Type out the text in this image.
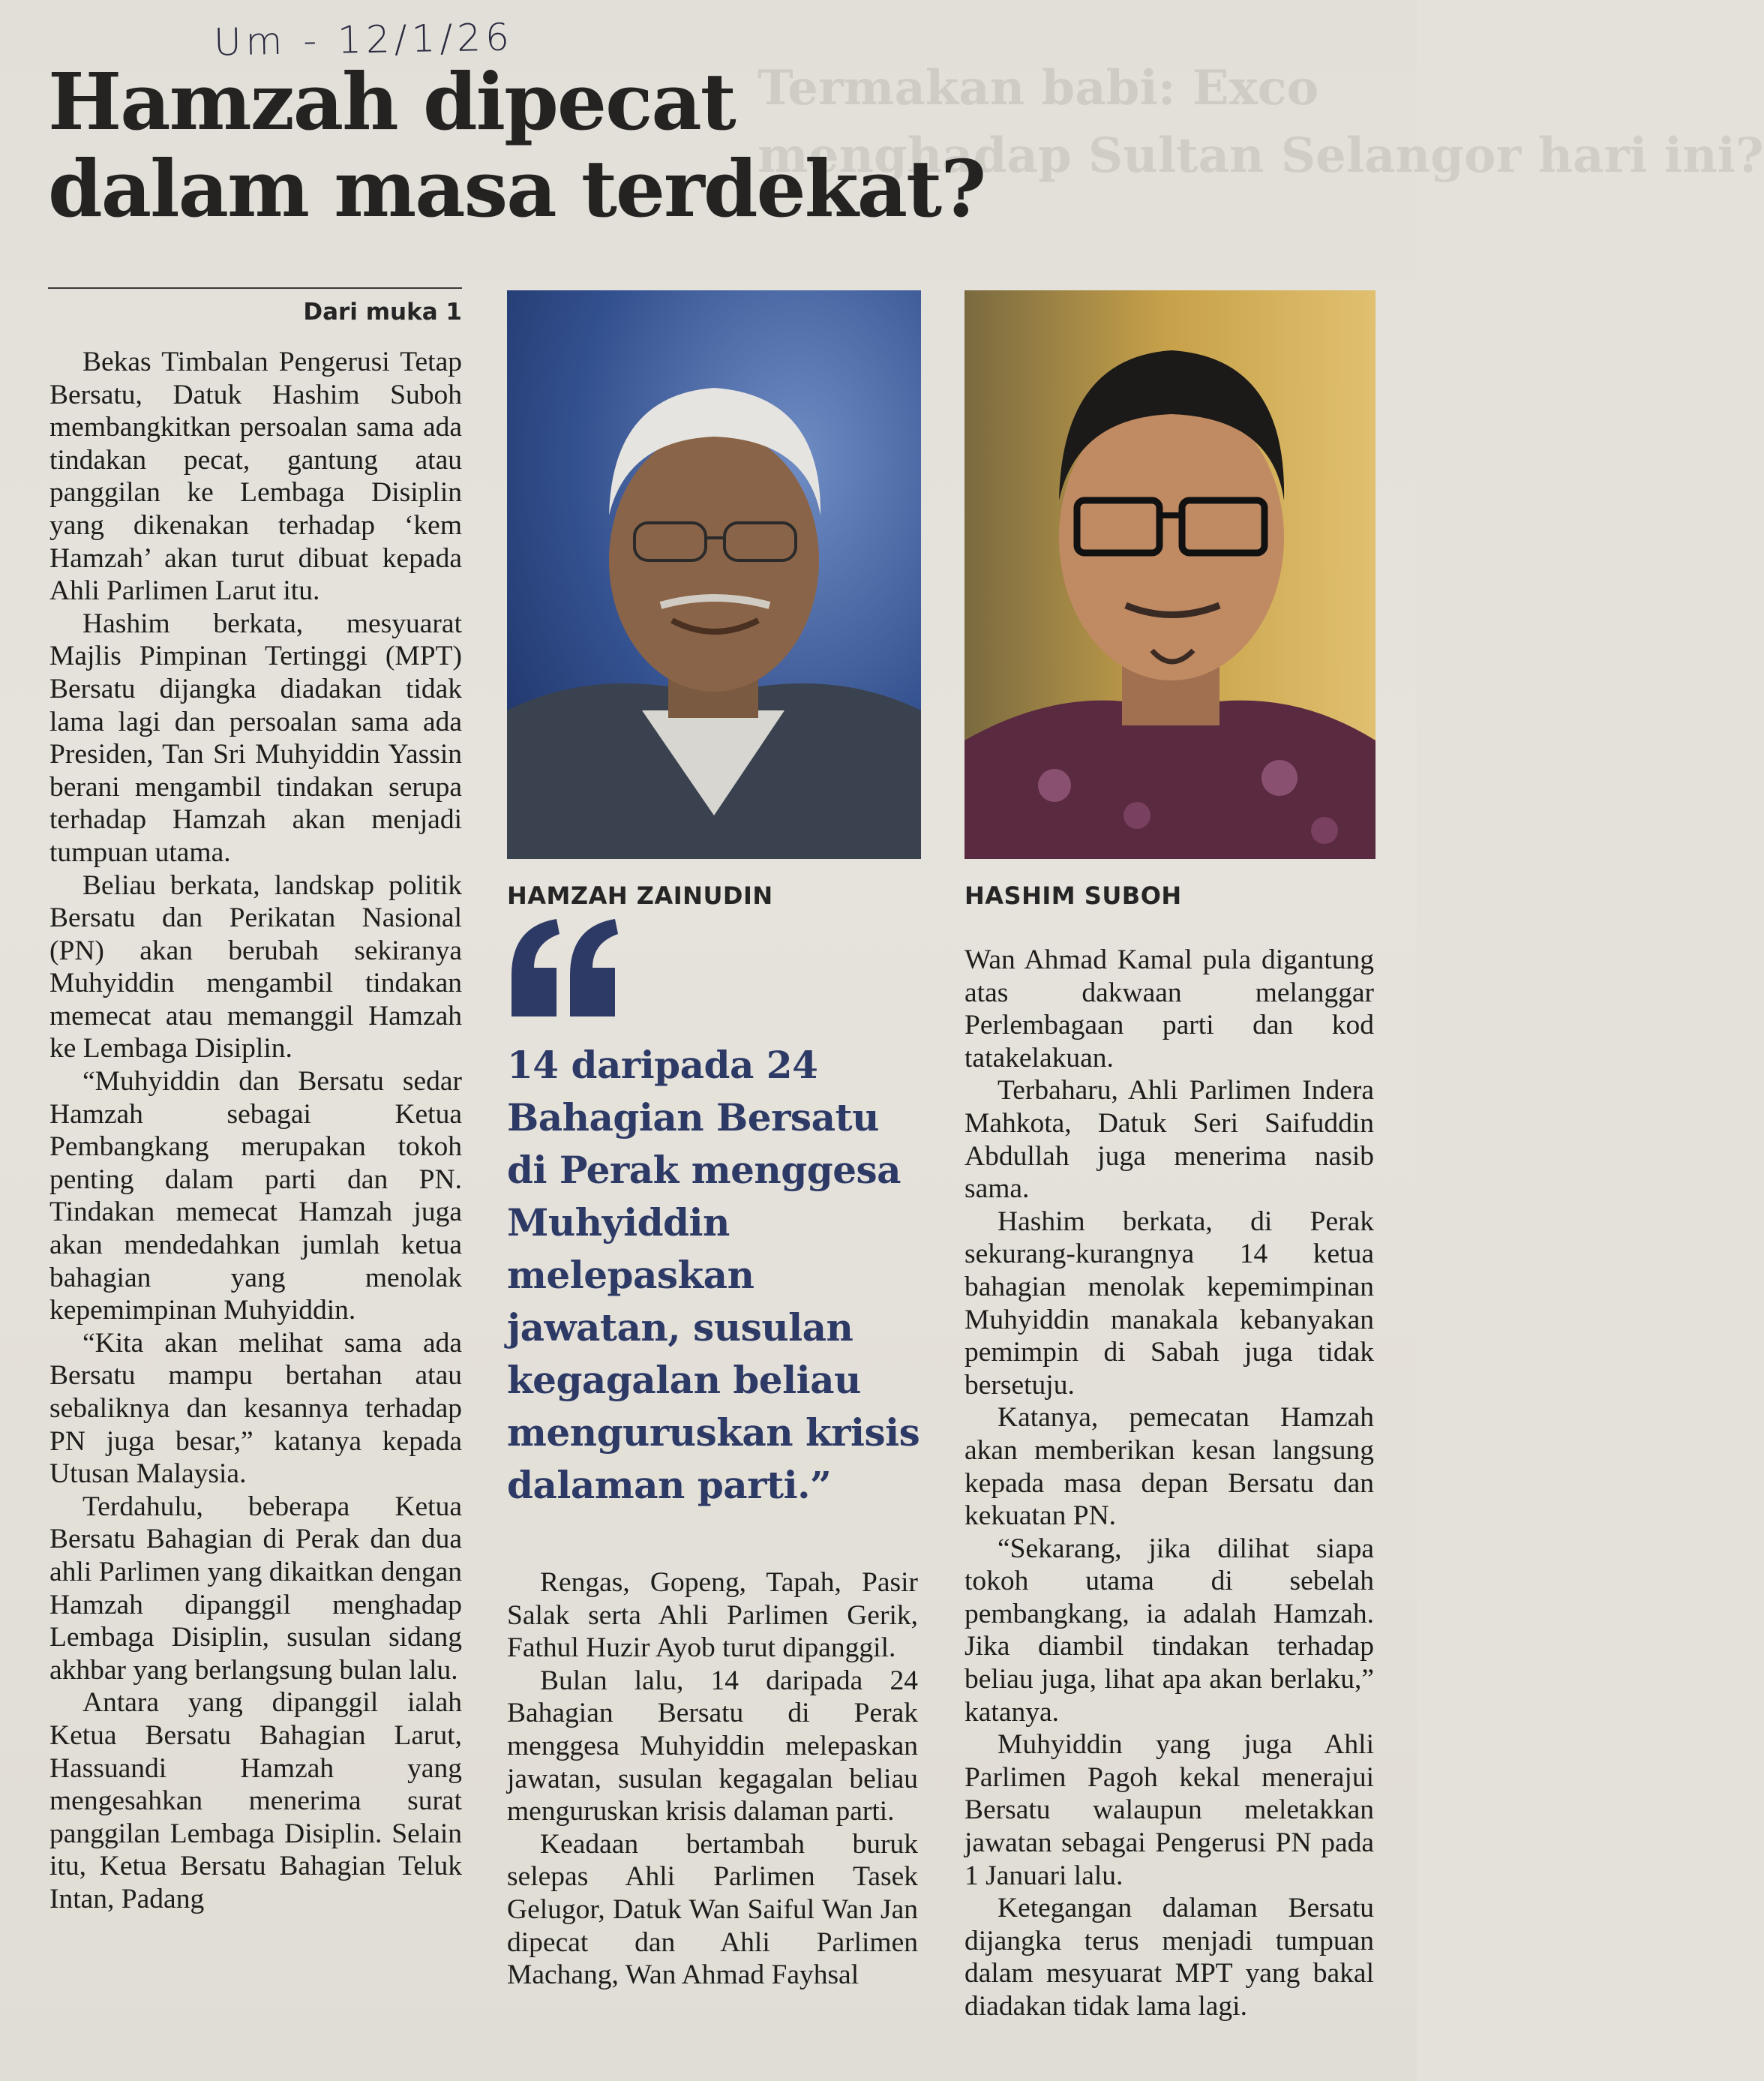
Termakan babi: Exco
menghadap Sultan Selangor hari ini?
Um - 12/1/26
Hamzah dipecat
dalam masa terdekat?
Dari muka 1

Bekas Timbalan Pengerusi Tetap Bersatu, Datuk Hashim Suboh membangkitkan persoalan sama ada tindakan pecat, gantung atau panggilan ke Lembaga Disiplin yang dikenakan terhadap ‘kem Hamzah’ akan turut dibuat kepada Ahli Parlimen Larut itu.

Hashim berkata, mesyuarat Majlis Pimpinan Tertinggi (MPT) Bersatu dijangka diadakan tidak lama lagi dan persoalan sama ada Presiden, Tan Sri Muhyiddin Yassin berani mengambil tindakan serupa terhadap Hamzah akan menjadi tumpuan utama.

Beliau berkata, landskap politik Bersatu dan Perikatan Nasional (PN) akan berubah sekiranya Muhyiddin mengambil tindakan memecat atau memanggil Hamzah ke Lembaga Disiplin.

“Muhyiddin dan Bersatu sedar Hamzah sebagai Ketua Pembangkang merupakan tokoh penting dalam parti dan PN. Tindakan memecat Hamzah juga akan mendedahkan jumlah ketua bahagian yang menolak kepemimpinan Muhyiddin.

“Kita akan melihat sama ada Bersatu mampu bertahan atau sebaliknya dan kesannya terhadap PN juga besar,” katanya kepada Utusan Malaysia.

Terdahulu, beberapa Ketua Bersatu Bahagian di Perak dan dua ahli Parlimen yang dikaitkan dengan Hamzah dipanggil menghadap Lembaga Disiplin, susulan sidang akhbar yang berlangsung bulan lalu.

Antara yang dipanggil ialah Ketua Bersatu Bahagian Larut, Hassuandi Hamzah yang mengesahkan menerima surat panggilan Lembaga Disiplin. Selain itu, Ketua Bersatu Bahagian Teluk Intan, Padang

HAMZAH ZAINUDIN	HASHIM SUBOH

14 daripada 24 Bahagian Bersatu di Perak menggesa Muhyiddin melepaskan jawatan, susulan kegagalan beliau menguruskan krisis dalaman parti.”

Rengas, Gopeng, Tapah, Pasir Salak serta Ahli Parlimen Gerik, Fathul Huzir Ayob turut dipanggil.

Bulan lalu, 14 daripada 24 Bahagian Bersatu di Perak menggesa Muhyiddin melepaskan jawatan, susulan kegagalan beliau menguruskan krisis dalaman parti.

Keadaan bertambah buruk selepas Ahli Parlimen Tasek Gelugor, Datuk Wan Saiful Wan Jan dipecat dan Ahli Parlimen Machang, Wan Ahmad Fayhsal

Wan Ahmad Kamal pula digantung atas dakwaan melanggar Perlembagaan parti dan kod tatakelakuan.

Terbaharu, Ahli Parlimen Indera Mahkota, Datuk Seri Saifuddin Abdullah juga menerima nasib sama.

Hashim berkata, di Perak sekurang-kurangnya 14 ketua bahagian menolak kepemimpinan Muhyiddin manakala kebanyakan pemimpin di Sabah juga tidak bersetuju.

Katanya, pemecatan Hamzah akan memberikan kesan langsung kepada masa depan Bersatu dan kekuatan PN.

“Sekarang, jika dilihat siapa tokoh utama di sebelah pembangkang, ia adalah Hamzah. Jika diambil tindakan terhadap beliau juga, lihat apa akan berlaku,” katanya.

Muhyiddin yang juga Ahli Parlimen Pagoh kekal menerajui Bersatu walaupun meletakkan jawatan sebagai Pengerusi PN pada 1 Januari lalu.

Ketegangan dalaman Bersatu dijangka terus menjadi tumpuan dalam mesyuarat MPT yang bakal diadakan tidak lama lagi.
